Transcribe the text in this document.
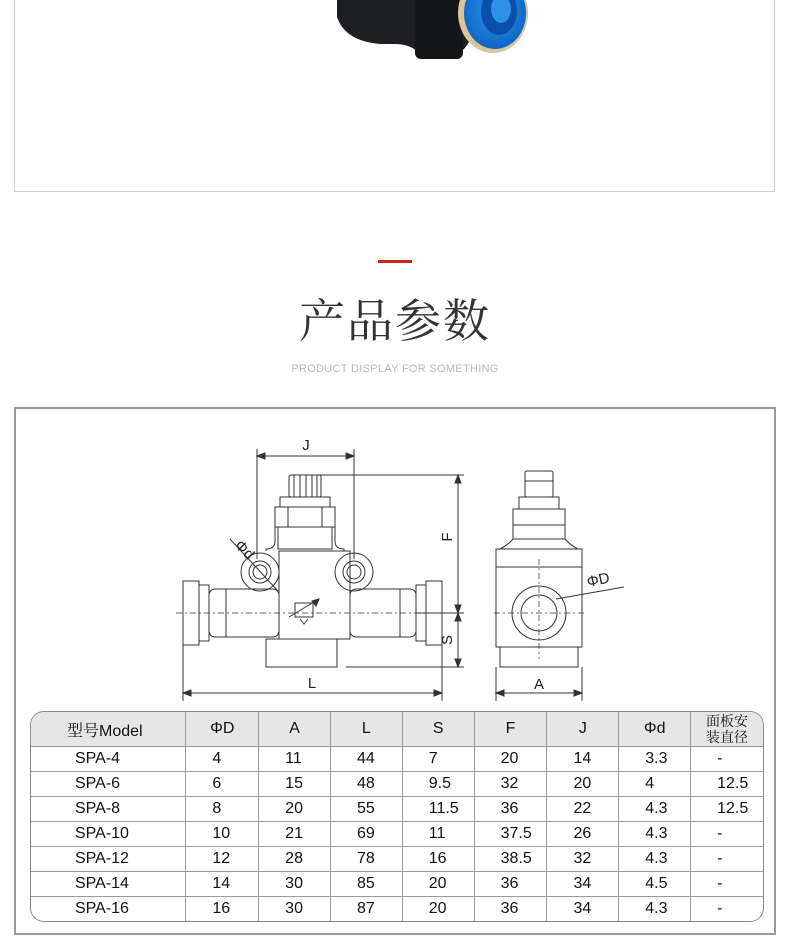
产品参数
PRODUCT DISPLAY FOR SOMETHING
J
Φd	F
S
L
ΦD
A
型号Model	ΦD	A	L	S	F	J	Φd	面板安
装直径

SPA-4	4	11	44	7	20	14	3.3	-
SPA-6	6	15	48	9.5	32	20	4	12.5
SPA-8	8	20	55	11.5	36	22	4.3	12.5
SPA-10	10	21	69	11	37.5	26	4.3	-
SPA-12	12	28	78	16	38.5	32	4.3	-
SPA-14	14	30	85	20	36	34	4.5	-
SPA-16	16	30	87	20	36	34	4.3	-
